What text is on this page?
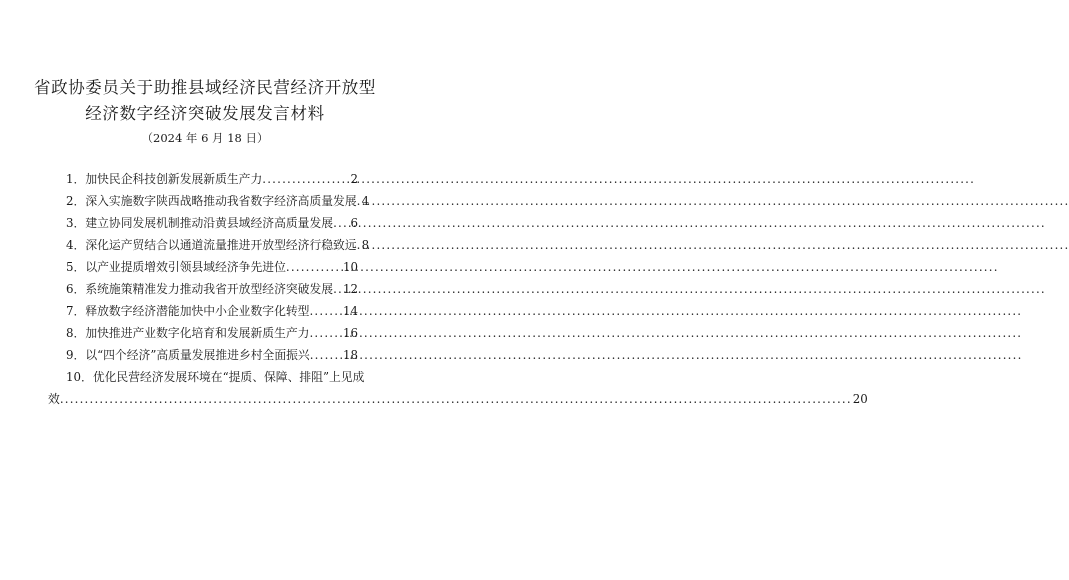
省政协委员关于助推县域经济民营经济开放型
经济数字经济突破发展发言材料
（2024 年 6 月 18 日）
1． 加快民企科技创新发展新质生产力 .....	2
2． 深入实施数字陕西战略推动我省数字经济高质量发展 ..... 4
3． 建立协同发展机制推动沿黄县域经济高质量发展 ..... 6
4． 深化运产贸结合以通道流量推进开放型经济行稳致远 ..... 8
5． 以产业提质增效引领县域经济争先进位 .....	10
6． 系统施策精准发力推动我省开放型经济突破发展 ..... 12
7． 释放数字经济潜能加快中小企业数字化转型 .....	14
8． 加快推进产业数字化培育和发展新质生产力 .....	16
9． 以“四个经济”高质量发展推进乡村全面振兴 .....	18
10．优化民营经济发展环境在“提质、保障、排阻”上见成
效 ................................................................................................................................................................ 20
